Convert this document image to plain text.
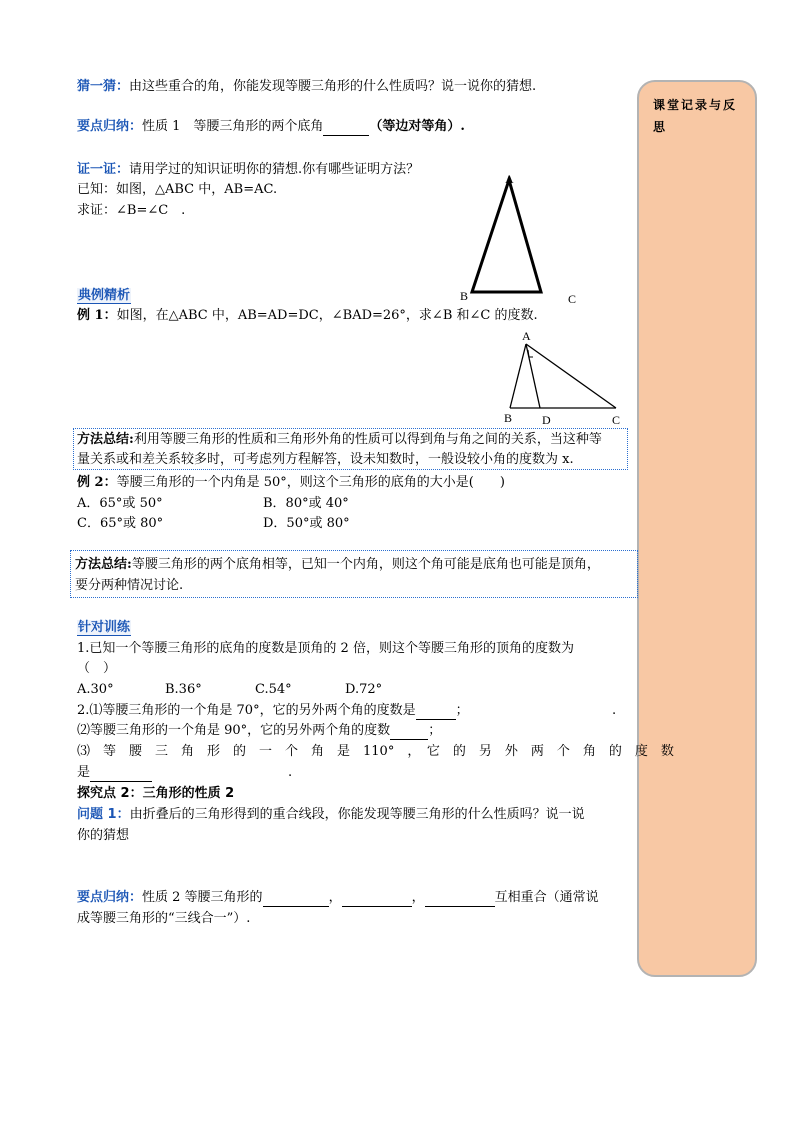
课堂记录与反思
猜一猜：由这些重合的角，你能发现等腰三角形的什么性质吗？说一说你的猜想.
要点归纳：性质 1　等腰三角形的两个底角	（等边对等角）.
证一证：请用学过的知识证明你的猜想.你有哪些证明方法？
已知：如图，△ABC 中，AB=AC.
求证：∠B=∠C　.
A
B	C
典例精析
例 1：如图，在△ABC 中，AB=AD=DC，∠BAD=26°，求∠B 和∠C 的度数.
A
B D	C
方法总结:利用等腰三角形的性质和三角形外角的性质可以得到角与角之间的关系，当这种等
量关系或和差关系较多时，可考虑列方程解答，设未知数时，一般设较小角的度数为 x.
例 2：等腰三角形的一个内角是 50°，则这个三角形的底角的大小是(　　)
A．65°或 50°	B．80°或 40°
C．65°或 80°	D．50°或 80°
方法总结:等腰三角形的两个底角相等，已知一个内角，则这个角可能是底角也可能是顶角，
要分两种情况讨论.
针对训练
1.已知一个等腰三角形的底角的度数是顶角的 2 倍，则这个等腰三角形的顶角的度数为
（　）
A.30°	B.36°	C.54°	D.72°
2.⑴等腰三角形的一个角是 70°，它的另外两个角的度数是	；	.
⑵等腰三角形的一个角是 90°，它的另外两个角的度数	；
⑶　等　腰　三　角　形　的　一　个　角　是　110°　，　它　的　另　外　两　个　角　的　度　数
是	.
探究点 2：三角形的性质 2
问题 1：由折叠后的三角形得到的重合线段，你能发现等腰三角形的什么性质吗？说一说
你的猜想
要点归纳：性质 2 等腰三角形的	，	，	互相重合（通常说
成等腰三角形的“三线合一”）.
